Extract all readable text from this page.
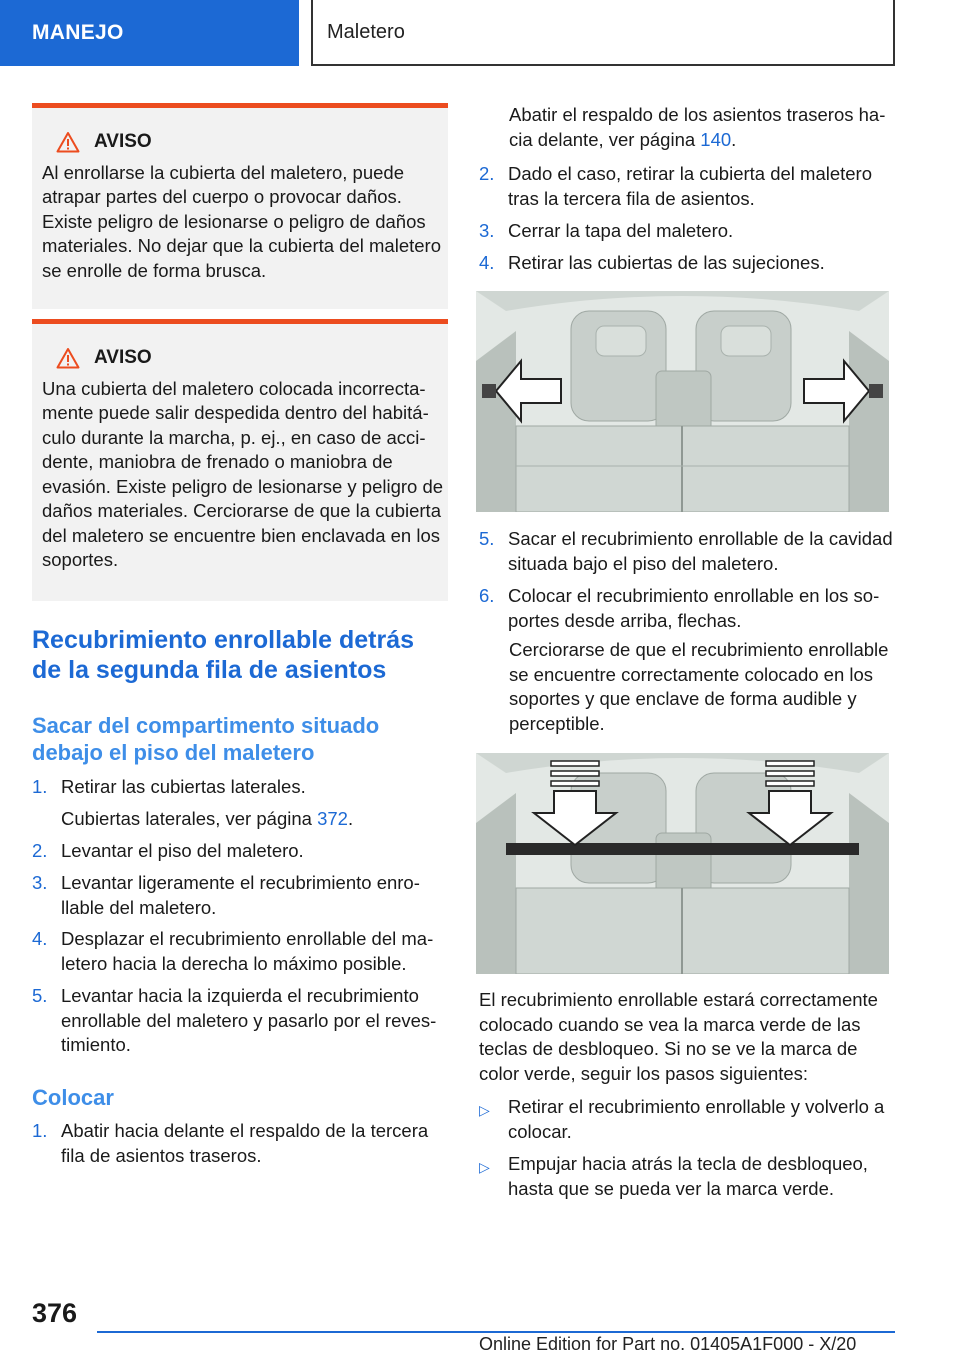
MANEJO	Maletero
AVISO

Al enrollarse la cubierta del maletero, puede atrapar partes del cuerpo o provocar daños. Existe peligro de lesionarse o peligro de daños materiales. No dejar que la cubierta del maletero se enrolle de forma brusca.

AVISO

Una cubierta del maletero colocada incorrectamente puede salir despedida dentro del habitáculo durante la marcha, p. ej., en caso de accidente, maniobra de frenado o maniobra de evasión. Existe peligro de lesionarse y peligro de daños materiales. Cerciorarse de que la cubierta del maletero se encuentre bien enclavada en los soportes.

Recubrimiento enrollable detrás de la segunda fila de asientos
Sacar del compartimento situado debajo el piso del maletero
1. Retirar las cubiertas laterales.
Cubiertas laterales, ver página 372.
2. Levantar el piso del maletero.
3. Levantar ligeramente el recubrimiento enrollable del maletero.
4. Desplazar el recubrimiento enrollable del maletero hacia la derecha lo máximo posible.
5. Levantar hacia la izquierda el recubrimiento enrollable del maletero y pasarlo por el revestimiento.
Colocar
1. Abatir hacia delante el respaldo de la tercera fila de asientos traseros.
Abatir el respaldo de los asientos traseros hacia delante, ver página 140.
2. Dado el caso, retirar la cubierta del maletero tras la tercera fila de asientos.
3. Cerrar la tapa del maletero.
4. Retirar las cubiertas de las sujeciones.
5. Sacar el recubrimiento enrollable de la cavidad situada bajo el piso del maletero.
6. Colocar el recubrimiento enrollable en los soportes desde arriba, flechas.
Cerciorarse de que el recubrimiento enrollable se encuentre correctamente colocado en los soportes y que enclave de forma audible y perceptible.
El recubrimiento enrollable estará correctamente colocado cuando se vea la marca verde de las teclas de desbloqueo. Si no se ve la marca de color verde, seguir los pasos siguientes:
▷ Retirar el recubrimiento enrollable y volverlo a colocar.
▷ Empujar hacia atrás la tecla de desbloqueo, hasta que se pueda ver la marca verde.
376
Online Edition for Part no. 01405A1F000 - X/20
